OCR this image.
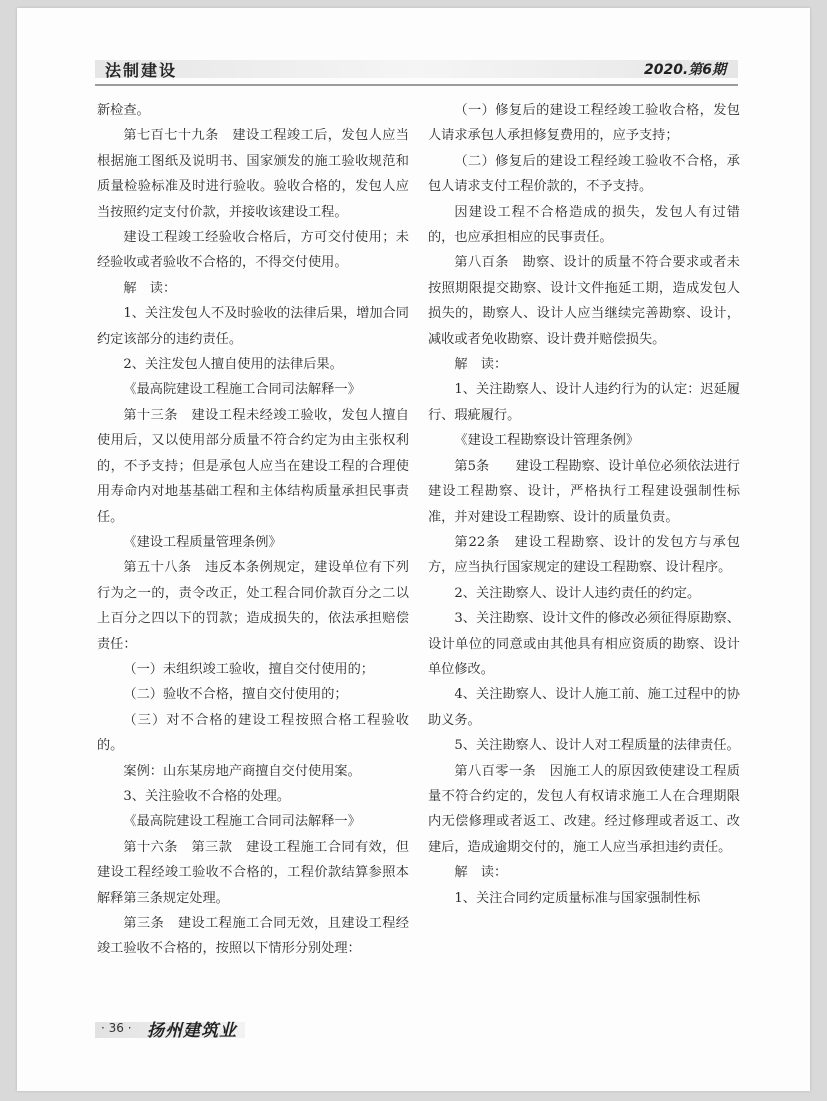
法制建设	2020.第6期

新检查。

第七百七十九条　建设工程竣工后，发包人应当根据施工图纸及说明书、国家颁发的施工验收规范和质量检验标准及时进行验收。验收合格的，发包人应当按照约定支付价款，并接收该建设工程。

建设工程竣工经验收合格后，方可交付使用；未经验收或者验收不合格的，不得交付使用。

解　读：

1、关注发包人不及时验收的法律后果，增加合同约定该部分的违约责任。

2、关注发包人擅自使用的法律后果。

《最高院建设工程施工合同司法解释一》

第十三条　建设工程未经竣工验收，发包人擅自使用后，又以使用部分质量不符合约定为由主张权利的，不予支持；但是承包人应当在建设工程的合理使用寿命内对地基基础工程和主体结构质量承担民事责任。

《建设工程质量管理条例》

第五十八条　违反本条例规定，建设单位有下列行为之一的，责令改正，处工程合同价款百分之二以上百分之四以下的罚款；造成损失的，依法承担赔偿责任：

（一）未组织竣工验收，擅自交付使用的；

（二）验收不合格，擅自交付使用的；

（三）对不合格的建设工程按照合格工程验收的。

案例：山东某房地产商擅自交付使用案。

3、关注验收不合格的处理。

《最高院建设工程施工合同司法解释一》

第十六条　第三款　建设工程施工合同有效，但建设工程经竣工验收不合格的，工程价款结算参照本解释第三条规定处理。

第三条　建设工程施工合同无效，且建设工程经竣工验收不合格的，按照以下情形分别处理：

（一）修复后的建设工程经竣工验收合格，发包人请求承包人承担修复费用的，应予支持；

（二）修复后的建设工程经竣工验收不合格，承包人请求支付工程价款的，不予支持。

因建设工程不合格造成的损失，发包人有过错的，也应承担相应的民事责任。

第八百条　勘察、设计的质量不符合要求或者未按照期限提交勘察、设计文件拖延工期，造成发包人损失的，勘察人、设计人应当继续完善勘察、设计，减收或者免收勘察、设计费并赔偿损失。

解　读：

1、关注勘察人、设计人违约行为的认定：迟延履行、瑕疵履行。

《建设工程勘察设计管理条例》

第5条　　建设工程勘察、设计单位必须依法进行建设工程勘察、设计，严格执行工程建设强制性标准，并对建设工程勘察、设计的质量负责。

第22条　建设工程勘察、设计的发包方与承包方，应当执行国家规定的建设工程勘察、设计程序。

2、关注勘察人、设计人违约责任的约定。

3、关注勘察、设计文件的修改必须征得原勘察、设计单位的同意或由其他具有相应资质的勘察、设计单位修改。

4、关注勘察人、设计人施工前、施工过程中的协助义务。

5、关注勘察人、设计人对工程质量的法律责任。

第八百零一条　因施工人的原因致使建设工程质量不符合约定的，发包人有权请求施工人在合理期限内无偿修理或者返工、改建。经过修理或者返工、改建后，造成逾期交付的，施工人应当承担违约责任。

解　读：

1、关注合同约定质量标准与国家强制性标

· 36 · 扬州建筑业
